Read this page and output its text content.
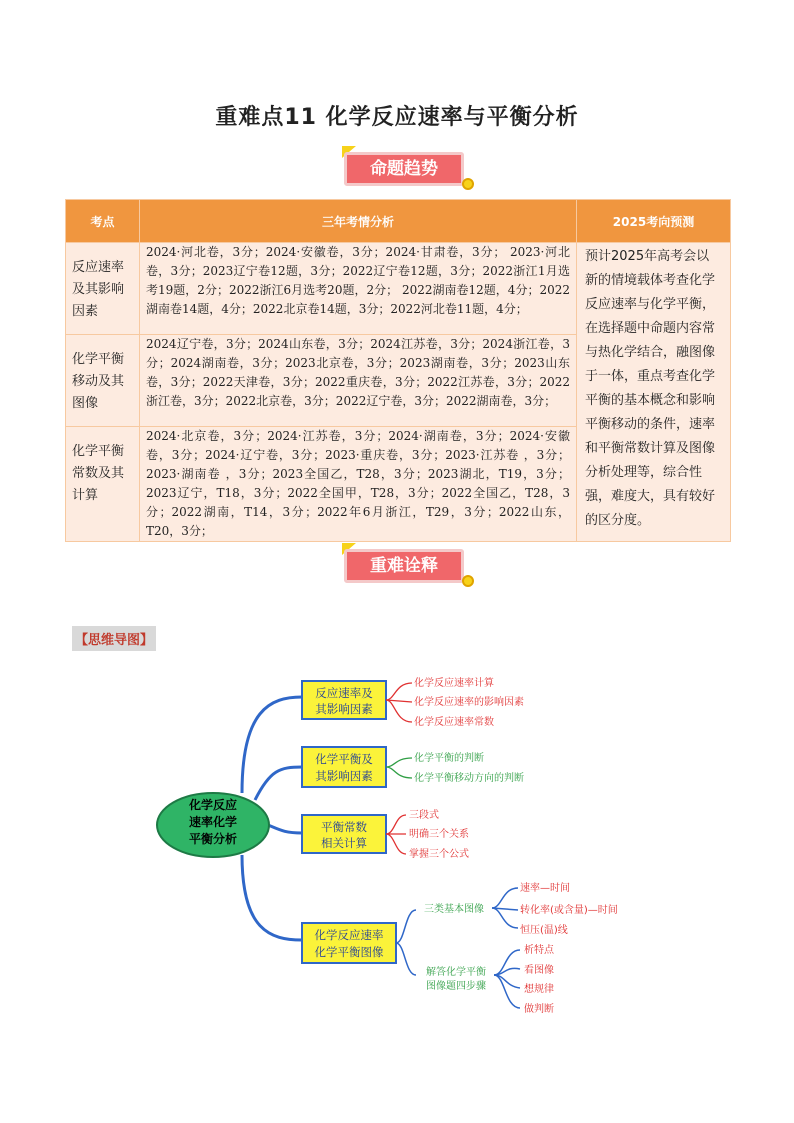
重难点11 化学反应速率与平衡分析
命题趋势
考点	三年考情分析	2025考向预测
反应速率及其影响因素	2024·河北卷，3分；2024·安徽卷，3分；2024·甘肃卷，3分； 2023·河北卷，3分；2023辽宁卷12题，3分；2022辽宁卷12题，3分；2022浙江1月选考19题，2分；2022浙江6月选考20题，2分； 2022湖南卷12题，4分；2022湖南卷14题，4分；2022北京卷14题，3分；2022河北卷11题，4分；	预计2025年高考会以新的情境载体考查化学反应速率与化学平衡，在选择题中命题内容常与热化学结合，融图像于一体，重点考查化学平衡的基本概念和影响平衡移动的条件，速率和平衡常数计算及图像分析处理等，综合性强，难度大，具有较好的区分度。
化学平衡移动及其图像	2024辽宁卷，3分；2024山东卷，3分；2024江苏卷，3分；2024浙江卷，3分；2024湖南卷，3分；2023北京卷，3分；2023湖南卷，3分；2023山东卷，3分；2022天津卷，3分；2022重庆卷，3分；2022江苏卷，3分；2022浙江卷，3分；2022北京卷，3分；2022辽宁卷，3分；2022湖南卷，3分；	
化学平衡常数及其计算	2024·北京卷，3分；2024·江苏卷，3分；2024·湖南卷，3分；2024·安徽卷，3分；2024·辽宁卷，3分；2023·重庆卷，3分；2023·江苏卷 ，3分；2023·湖南卷 ，3分；2023全国乙，T28，3分；2023湖北，T19，3分；2023辽宁，T18，3分；2022全国甲，T28，3分；2022全国乙，T28，3分；2022湖南，T14，3分；2022年6月浙江，T29，3分；2022山东，T20，3分；	
重难诠释
【思维导图】
化学反应
速率化学
平衡分析
反应速率及
其影响因素
化学反应速率计算
化学反应速率的影响因素
化学反应速率常数
化学平衡及
其影响因素
化学平衡的判断
化学平衡移动方向的判断
平衡常数
相关计算
三段式
明确三个关系
掌握三个公式
化学反应速率
化学平衡图像
三类基本图像
速率—时间
转化率(或含量)—时间
恒压(温)线
解答化学平衡
图像题四步骤
析特点
看图像
想规律
做判断
